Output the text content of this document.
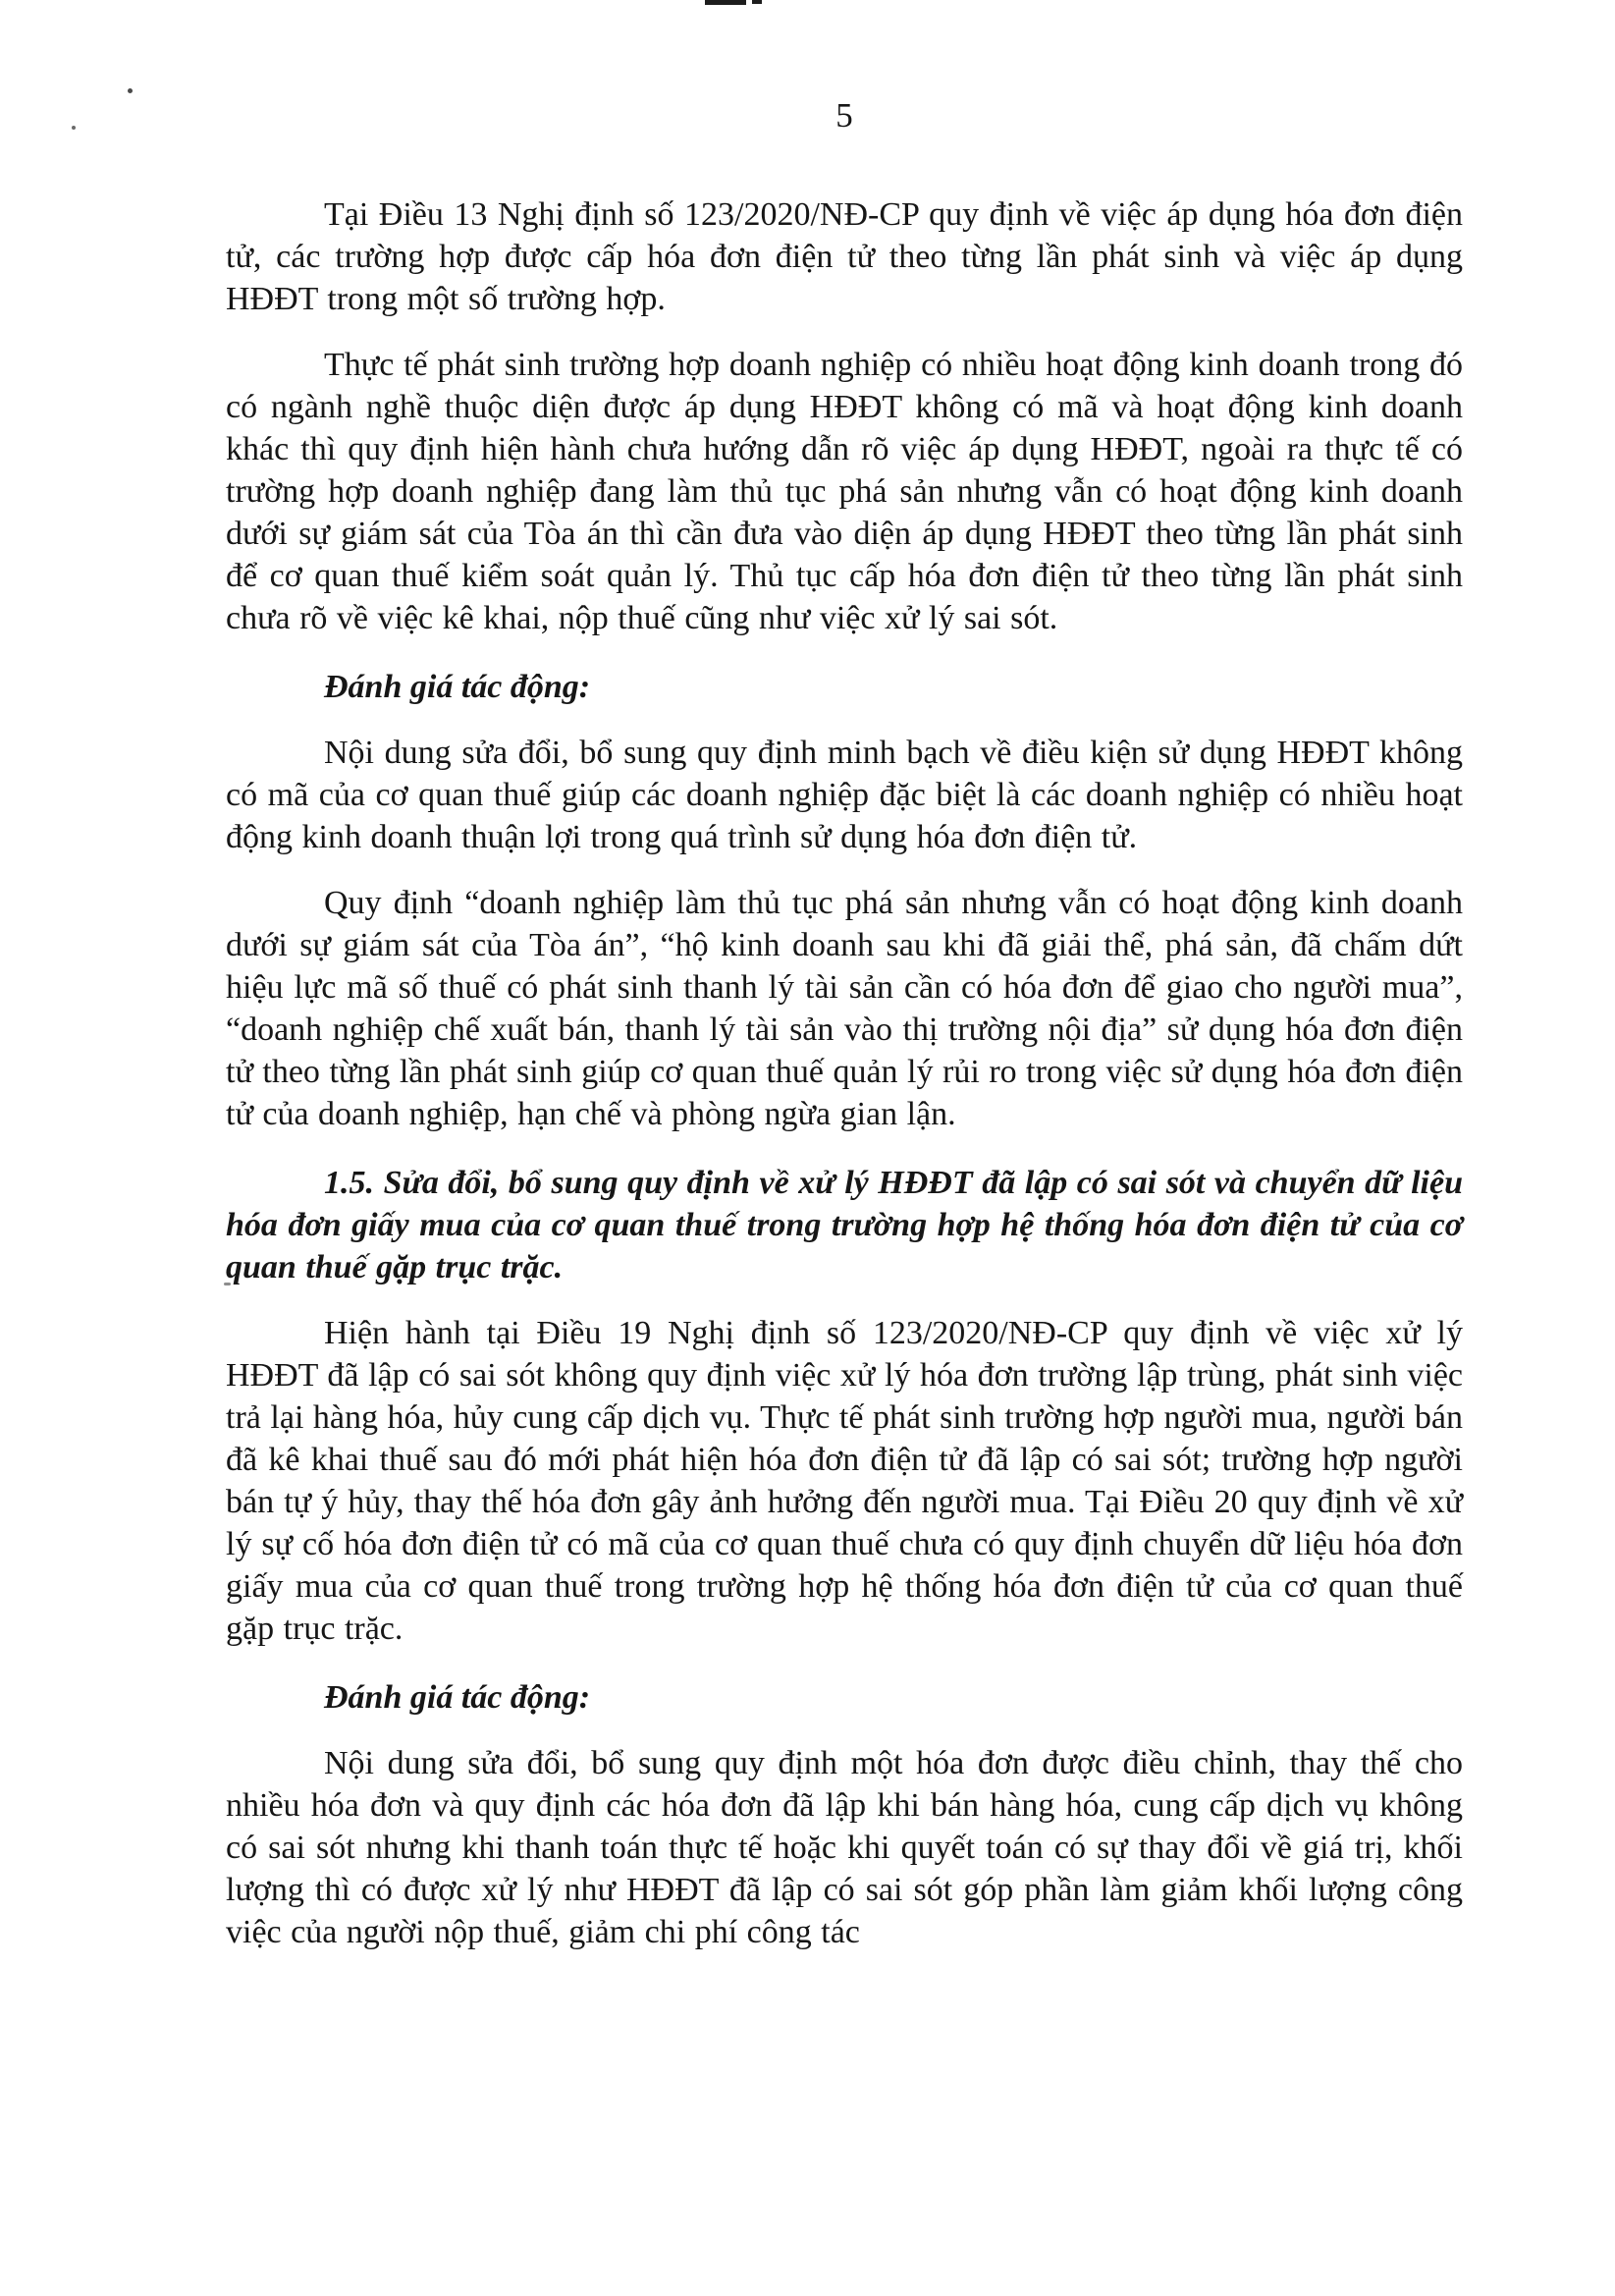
5

Tại Điều 13 Nghị định số 123/2020/NĐ-CP quy định về việc áp dụng hóa đơn điện tử, các trường hợp được cấp hóa đơn điện tử theo từng lần phát sinh và việc áp dụng HĐĐT trong một số trường hợp.

Thực tế phát sinh trường hợp doanh nghiệp có nhiều hoạt động kinh doanh trong đó có ngành nghề thuộc diện được áp dụng HĐĐT không có mã và hoạt động kinh doanh khác thì quy định hiện hành chưa hướng dẫn rõ việc áp dụng HĐĐT, ngoài ra thực tế có trường hợp doanh nghiệp đang làm thủ tục phá sản nhưng vẫn có hoạt động kinh doanh dưới sự giám sát của Tòa án thì cần đưa vào diện áp dụng HĐĐT theo từng lần phát sinh để cơ quan thuế kiểm soát quản lý. Thủ tục cấp hóa đơn điện tử theo từng lần phát sinh chưa rõ về việc kê khai, nộp thuế cũng như việc xử lý sai sót.

Đánh giá tác động:

Nội dung sửa đổi, bổ sung quy định minh bạch về điều kiện sử dụng HĐĐT không có mã của cơ quan thuế giúp các doanh nghiệp đặc biệt là các doanh nghiệp có nhiều hoạt động kinh doanh thuận lợi trong quá trình sử dụng hóa đơn điện tử.

Quy định “doanh nghiệp làm thủ tục phá sản nhưng vẫn có hoạt động kinh doanh dưới sự giám sát của Tòa án”, “hộ kinh doanh sau khi đã giải thể, phá sản, đã chấm dứt hiệu lực mã số thuế có phát sinh thanh lý tài sản cần có hóa đơn để giao cho người mua”, “doanh nghiệp chế xuất bán, thanh lý tài sản vào thị trường nội địa” sử dụng hóa đơn điện tử theo từng lần phát sinh giúp cơ quan thuế quản lý rủi ro trong việc sử dụng hóa đơn điện tử của doanh nghiệp, hạn chế và phòng ngừa gian lận.

1.5. Sửa đổi, bổ sung quy định về xử lý HĐĐT đã lập có sai sót và chuyển dữ liệu hóa đơn giấy mua của cơ quan thuế trong trường hợp hệ thống hóa đơn điện tử của cơ quan thuế gặp trục trặc.

Hiện hành tại Điều 19 Nghị định số 123/2020/NĐ-CP quy định về việc xử lý HĐĐT đã lập có sai sót không quy định việc xử lý hóa đơn trường lập trùng, phát sinh việc trả lại hàng hóa, hủy cung cấp dịch vụ. Thực tế phát sinh trường hợp người mua, người bán đã kê khai thuế sau đó mới phát hiện hóa đơn điện tử đã lập có sai sót; trường hợp người bán tự ý hủy, thay thế hóa đơn gây ảnh hưởng đến người mua. Tại Điều 20 quy định về xử lý sự cố hóa đơn điện tử có mã của cơ quan thuế chưa có quy định chuyển dữ liệu hóa đơn giấy mua của cơ quan thuế trong trường hợp hệ thống hóa đơn điện tử của cơ quan thuế gặp trục trặc.

Đánh giá tác động:

Nội dung sửa đổi, bổ sung quy định một hóa đơn được điều chỉnh, thay thế cho nhiều hóa đơn và quy định các hóa đơn đã lập khi bán hàng hóa, cung cấp dịch vụ không có sai sót nhưng khi thanh toán thực tế hoặc khi quyết toán có sự thay đổi về giá trị, khối lượng thì có được xử lý như HĐĐT đã lập có sai sót góp phần làm giảm khối lượng công việc của người nộp thuế, giảm chi phí công tác
